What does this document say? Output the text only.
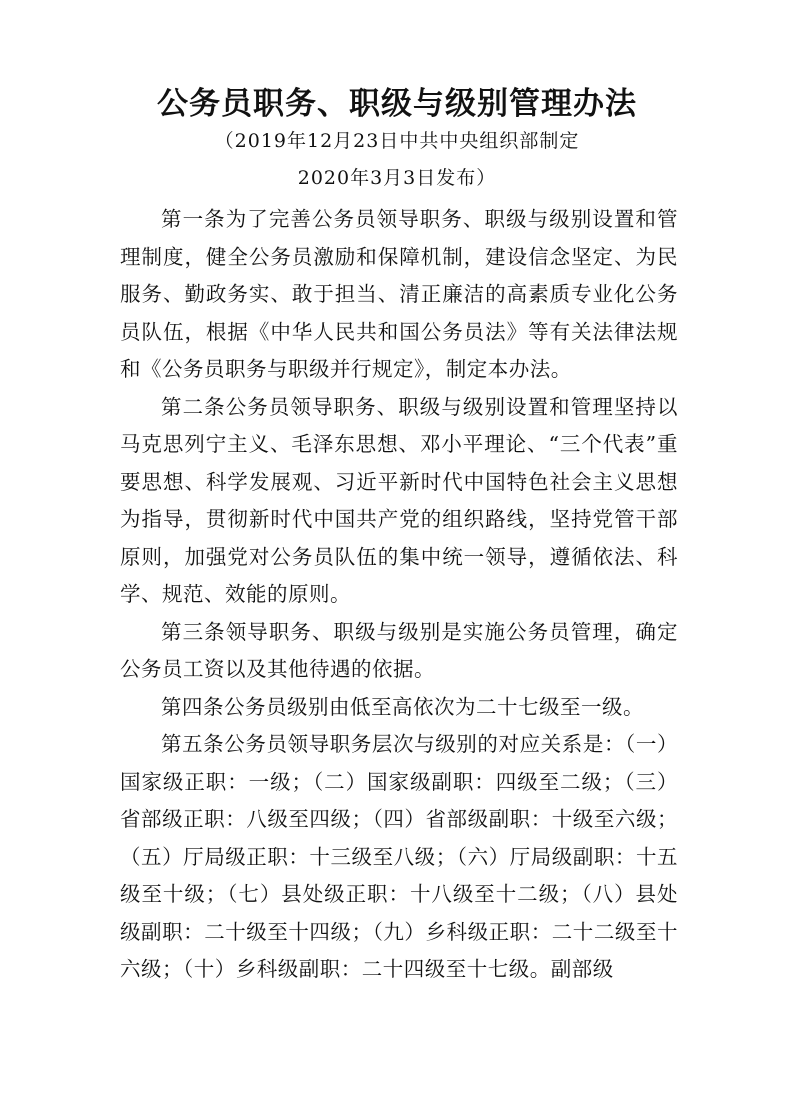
公务员职务、职级与级别管理办法
（2019年12月23日中共中央组织部制定
2020年3月3日发布）

第一条为了完善公务员领导职务、职级与级别设置和管理制度，健全公务员激励和保障机制，建设信念坚定、为民服务、勤政务实、敢于担当、清正廉洁的高素质专业化公务员队伍，根据《中华人民共和国公务员法》等有关法律法规和《公务员职务与职级并行规定》，制定本办法。

第二条公务员领导职务、职级与级别设置和管理坚持以马克思列宁主义、毛泽东思想、邓小平理论、“三个代表”重要思想、科学发展观、习近平新时代中国特色社会主义思想为指导，贯彻新时代中国共产党的组织路线，坚持党管干部原则，加强党对公务员队伍的集中统一领导，遵循依法、科学、规范、效能的原则。

第三条领导职务、职级与级别是实施公务员管理，确定公务员工资以及其他待遇的依据。

第四条公务员级别由低至高依次为二十七级至一级。

第五条公务员领导职务层次与级别的对应关系是：（一）国家级正职：一级；（二）国家级副职：四级至二级；（三）省部级正职：八级至四级；（四）省部级副职：十级至六级；（五）厅局级正职：十三级至八级；（六）厅局级副职：十五级至十级；（七）县处级正职：十八级至十二级；（八）县处级副职：二十级至十四级；（九）乡科级正职：二十二级至十六级；（十）乡科级副职：二十四级至十七级。副部级
